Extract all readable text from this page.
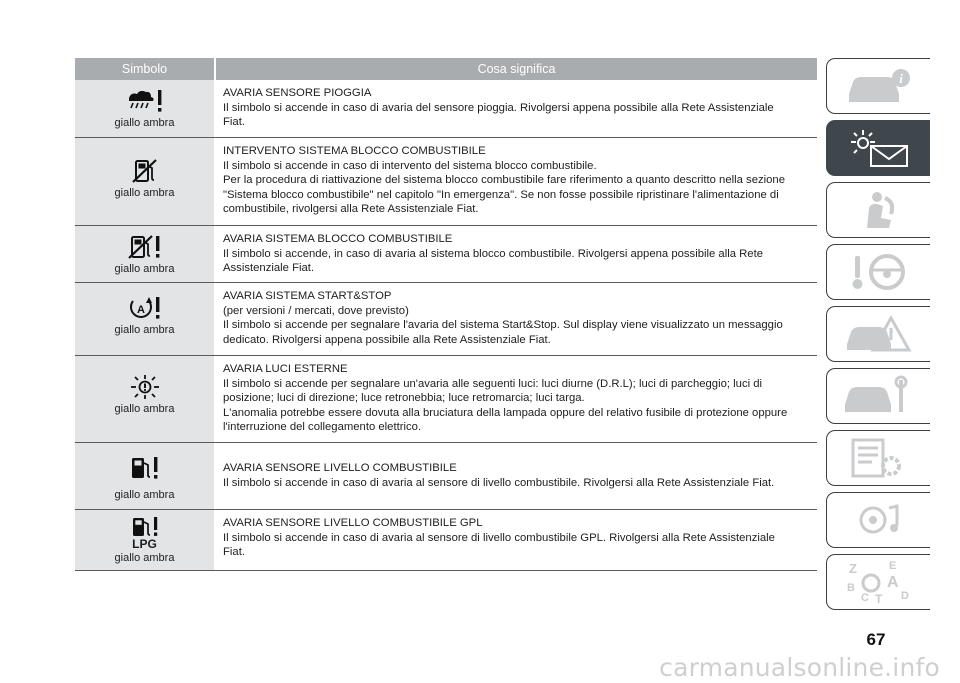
Simbolo	Cosa significa
giallo ambra
AVARIA SENSORE PIOGGIA
Il simbolo si accende in caso di avaria del sensore pioggia. Rivolgersi appena possibile alla Rete Assistenziale
Fiat.
giallo ambra
INTERVENTO SISTEMA BLOCCO COMBUSTIBILE
Il simbolo si accende in caso di intervento del sistema blocco combustibile.
Per la procedura di riattivazione del sistema blocco combustibile fare riferimento a quanto descritto nella sezione
"Sistema blocco combustibile" nel capitolo "In emergenza". Se non fosse possibile ripristinare l'alimentazione di
combustibile, rivolgersi alla Rete Assistenziale Fiat.
giallo ambra
AVARIA SISTEMA BLOCCO COMBUSTIBILE
Il simbolo si accende, in caso di avaria al sistema blocco combustibile. Rivolgersi appena possibile alla Rete
Assistenziale Fiat.
A
giallo ambra
AVARIA SISTEMA START&STOP
(per versioni / mercati, dove previsto)
Il simbolo si accende per segnalare l'avaria del sistema Start&Stop. Sul display viene visualizzato un messaggio
dedicato. Rivolgersi appena possibile alla Rete Assistenziale Fiat.
giallo ambra
AVARIA LUCI ESTERNE
Il simbolo si accende per segnalare un'avaria alle seguenti luci: luci diurne (D.R.L); luci di parcheggio; luci di
posizione; luci di direzione; luce retronebbia; luce retromarcia; luci targa.
L'anomalia potrebbe essere dovuta alla bruciatura della lampada oppure del relativo fusibile di protezione oppure
l'interruzione del collegamento elettrico.
giallo ambra
AVARIA SENSORE LIVELLO COMBUSTIBILE
Il simbolo si accende in caso di avaria al sensore di livello combustibile. Rivolgersi alla Rete Assistenziale Fiat.
LPG
giallo ambra
AVARIA SENSORE LIVELLO COMBUSTIBILE GPL
Il simbolo si accende in caso di avaria al sensore di livello combustibile GPL. Rivolgersi alla Rete Assistenziale
Fiat.
i
Z	E
A
B
C T D
67
carmanualsonline.info
